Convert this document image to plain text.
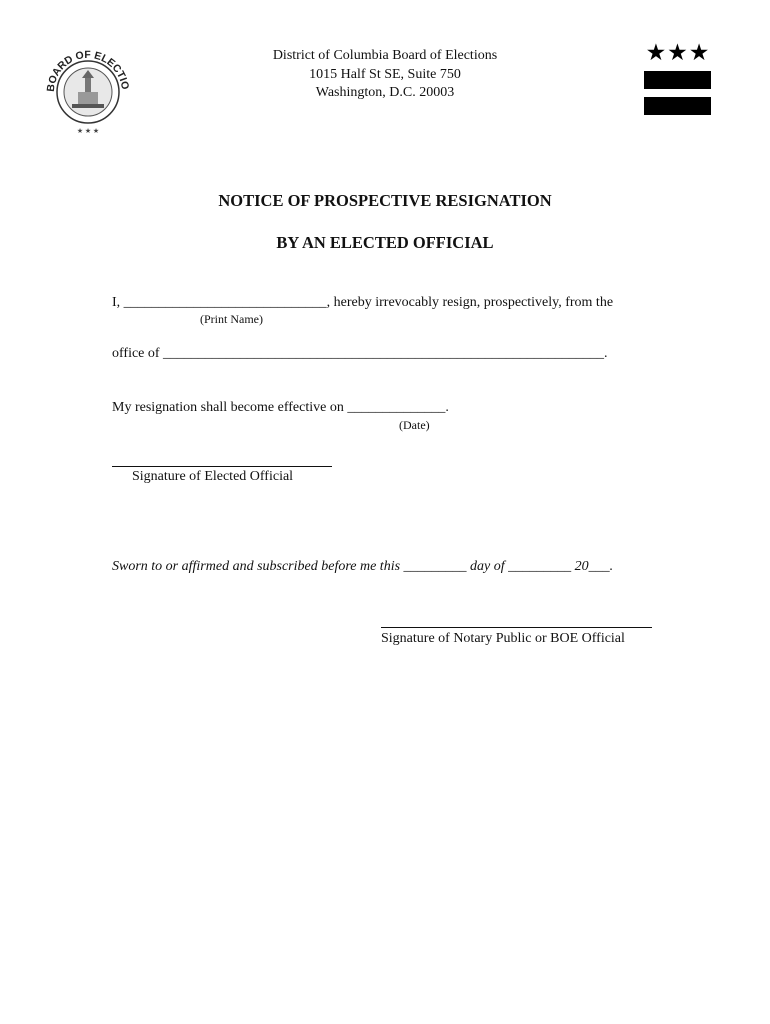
BOARD OF ELECTIO
★ ★ ★
District of Columbia Board of Elections
1015 Half St SE, Suite 750
Washington, D.C. 20003
★★★
NOTICE OF PROSPECTIVE RESIGNATION
BY AN ELECTED OFFICIAL
I, _____________________________, hereby irrevocably resign, prospectively, from the
(Print Name)
office of _______________________________________________________________.
My resignation shall become effective on ______________.
(Date)
Signature of Elected Official
Sworn to or affirmed and subscribed before me this _________ day of _________ 20___.
Signature of Notary Public or BOE Official
